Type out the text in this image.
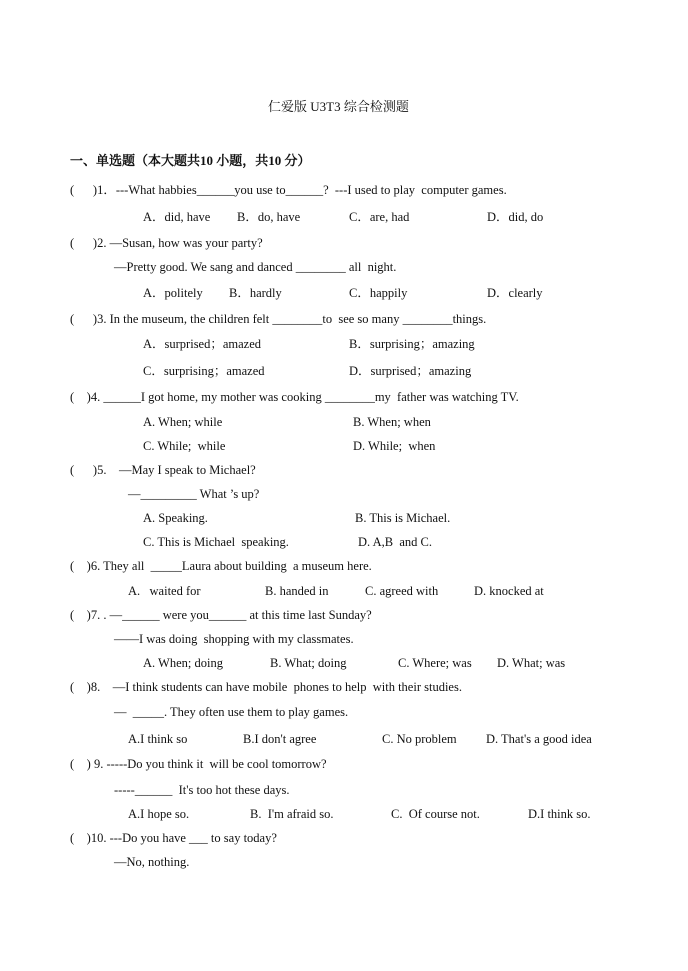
仁爱版 U3T3 综合检测题
一、单选题（本大题共10 小题，共10 分）
(      )1．---What habbies______you use to______?  ---I used to play  computer games.
A．did, have B．do, have	C．are, had	D．did, do
(      )2. —Susan, how was your party?
—Pretty good. We sang and danced ________ all  night.
A．politely B．hardly	C．happily	D．clearly
(      )3. In the museum, the children felt ________to  see so many ________things.
A．surprised；amazed	B．surprising；amazing
C．surprising；amazed	D．surprised；amazing
(    )4. ______I got home, my mother was cooking ________my  father was watching TV.
A. When; while	B. When; when
C. While;  while	D. While;  when
(      )5.    —May I speak to Michael?
—_________ What ’s up?
A. Speaking.	B. This is Michael.
C. This is Michael  speaking.	D. A,B  and C.
(    )6. They all  _____Laura about building  a museum here.
A.   waited for	B. handed in	C. agreed with	D. knocked at
(    )7. . —______ were you______ at this time last Sunday?
——I was doing  shopping with my classmates.
A. When; doing	B. What; doing	C. Where; was D. What; was
(    )8.    —I think students can have mobile  phones to help  with their studies.
—  _____. They often use them to play games.
A.I think so	B.I don't agree	C. No problem D. That's a good idea
(    ) 9. -----Do you think it  will be cool tomorrow?
-----______  It's too hot these days.
A.I hope so.	B.  I'm afraid so.	C.  Of course not.	D.I think so.
(    )10. ---Do you have ___ to say today?
—No, nothing.
